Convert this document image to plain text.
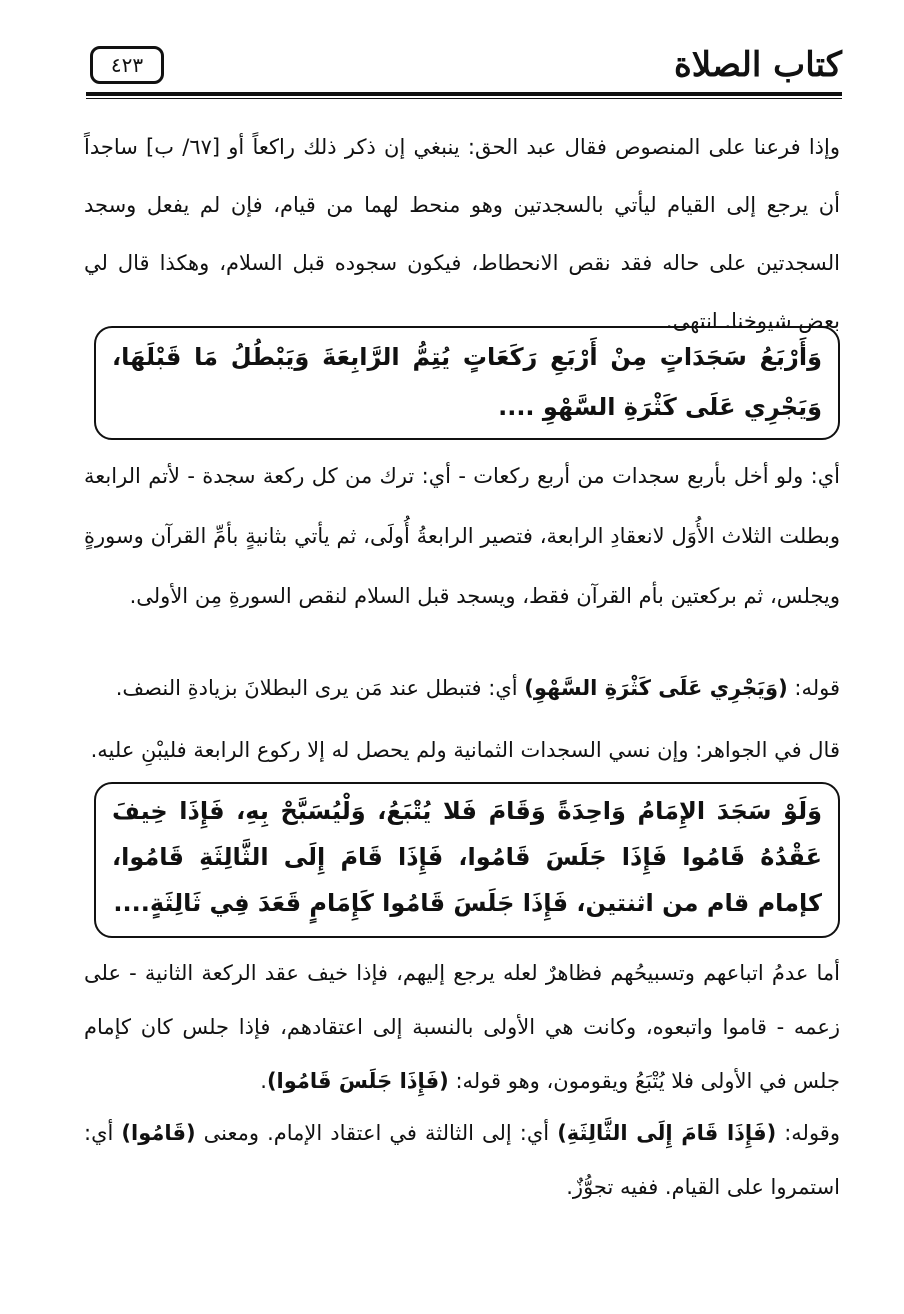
كتاب الصلاة
٤٢٣

وإذا فرعنا على المنصوص فقال عبد الحق: ينبغي إن ذكر ذلك راكعاً أو [٦٧/ ب] ساجداً أن يرجع إلى القيام ليأتي بالسجدتين وهو منحط لهما من قيام، فإن لم يفعل وسجد السجدتين على حاله فقد نقص الانحطاط، فيكون سجوده قبل السلام، وهكذا قال لي بعض شيوخنا. انتهى.

وَأَرْبَعُ سَجَدَاتٍ مِنْ أَرْبَعِ رَكَعَاتٍ يُتِمُّ الرَّابِعَةَ وَيَبْطُلُ مَا قَبْلَهَا، وَيَجْرِي عَلَى كَثْرَةِ السَّهْوِ ....

أي: ولو أخل بأربع سجدات من أربع ركعات - أي: ترك من كل ركعة سجدة - لأتم الرابعة وبطلت الثلاث الأُوَل لانعقادِ الرابعة، فتصير الرابعةُ أُولَى، ثم يأتي بثانيةٍ بأمِّ القرآن وسورةٍ ويجلس، ثم بركعتين بأم القرآن فقط، ويسجد قبل السلام لنقص السورةِ مِن الأولى.

قوله: (وَيَجْرِي عَلَى كَثْرَةِ السَّهْوِ) أي: فتبطل عند مَن يرى البطلانَ بزيادةِ النصف.

قال في الجواهر: وإن نسي السجدات الثمانية ولم يحصل له إلا ركوع الرابعة فليبْنِ عليه.

وَلَوْ سَجَدَ الإِمَامُ وَاحِدَةً وَقَامَ فَلا يُتْبَعُ، وَلْيُسَبَّحْ بِهِ، فَإِذَا خِيفَ عَقْدُهُ قَامُوا فَإِذَا جَلَسَ قَامُوا، فَإِذَا قَامَ إِلَى الثَّالِثَةِ قَامُوا، كإمام قام من اثنتين، فَإِذَا جَلَسَ قَامُوا كَإِمَامٍ قَعَدَ فِي ثَالِثَةٍ....

أما عدمُ اتباعهم وتسبيحُهم فظاهرٌ لعله يرجع إليهم، فإذا خيف عقد الركعة الثانية - على زعمه - قاموا واتبعوه، وكانت هي الأولى بالنسبة إلى اعتقادهم، فإذا جلس كان كإمام جلس في الأولى فلا يُتْبَعُ ويقومون، وهو قوله: (فَإِذَا جَلَسَ قَامُوا).

وقوله: (فَإِذَا قَامَ إِلَى الثَّالِثَةِ) أي: إلى الثالثة في اعتقاد الإمام. ومعنى (قَامُوا) أي: استمروا على القيام. ففيه تجوُّزٌ.
